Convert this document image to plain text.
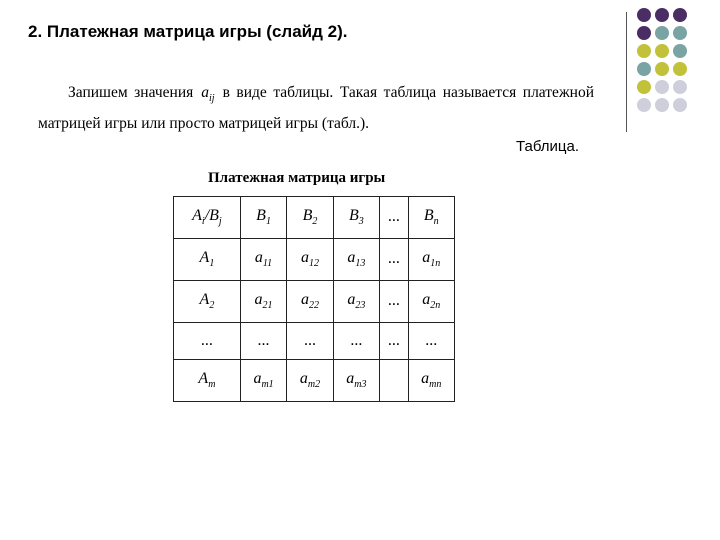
2. Платежная матрица игры (слайд 2).

Запишем значения $a_{ij}$ в виде таблицы. Такая таблица называется платежной матрицей игры или просто матрицей игры (табл.).

Таблица.
Платежная матрица игры
$A_i/B_j$	$B_1$	$B_2$	$B_3$	...	$B_n$
$A_1$	$a_{11}$	$a_{12}$	$a_{13}$	...	$a_{1n}$
$A_2$	$a_{21}$	$a_{22}$	$a_{23}$	...	$a_{2n}$
...	...	...	...	...	...
$A_m$	$a_{m1}$	$a_{m2}$	$a_{m3}$		$a_{mn}$
